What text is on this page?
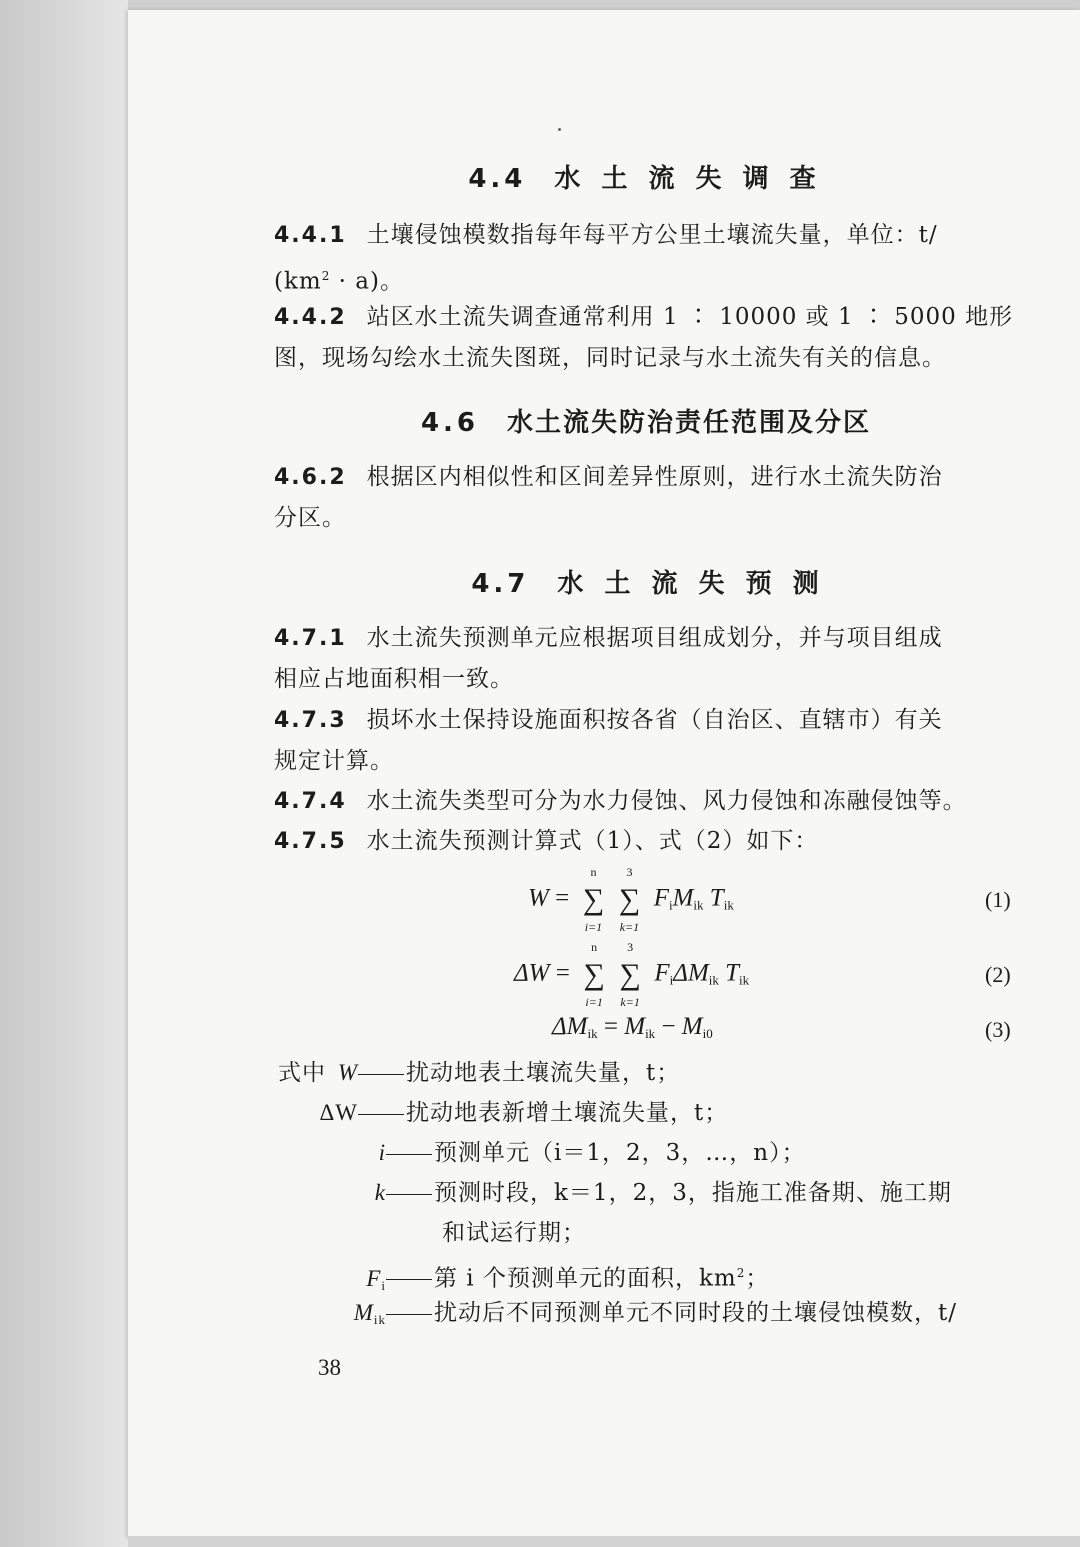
4.4 水 土 流 失 调 查
4.4.1 土壤侵蚀模数指每年每平方公里土壤流失量，单位：t/
$(km^2 \cdot a)$。
4.4.2 站区水土流失调查通常利用 1 ∶ 10000 或 1 ∶ 5000 地形
图，现场勾绘水土流失图斑，同时记录与水土流失有关的信息。
4.6 水土流失防治责任范围及分区
4.6.2 根据区内相似性和区间差异性原则，进行水土流失防治
分区。
4.7 水 土 流 失 预 测
4.7.1 水土流失预测单元应根据项目组成划分，并与项目组成
相应占地面积相一致。
4.7.3 损坏水土保持设施面积按各省（自治区、直辖市）有关
规定计算。
4.7.4 水土流失类型可分为水力侵蚀、风力侵蚀和冻融侵蚀等。
4.7.5 水土流失预测计算式（1）、式（2）如下：
W = ∑
n
i=1
∑
3
k=1
$F_iM_{ik}$ $T_{ik}$	(1)
ΔW = ∑
n
i=1
∑
3
k=1
$F_i\Delta M_{ik}$ $T_{ik}$	(2)
$\Delta M_{ik} = M_{ik} - M_{i0}$	(3)
式中 W 扰动地表土壤流失量，t；
ΔW 扰动地表新增土壤流失量，t；
i 预测单元（i＝1，2，3，…，n）；
k 预测时段，k＝1，2，3，指施工准备期、施工期
和试运行期；
$F_i$ 第 i 个预测单元的面积，$km^2$；
$M_{ik}$ 扰动后不同预测单元不同时段的土壤侵蚀模数，t/
38
